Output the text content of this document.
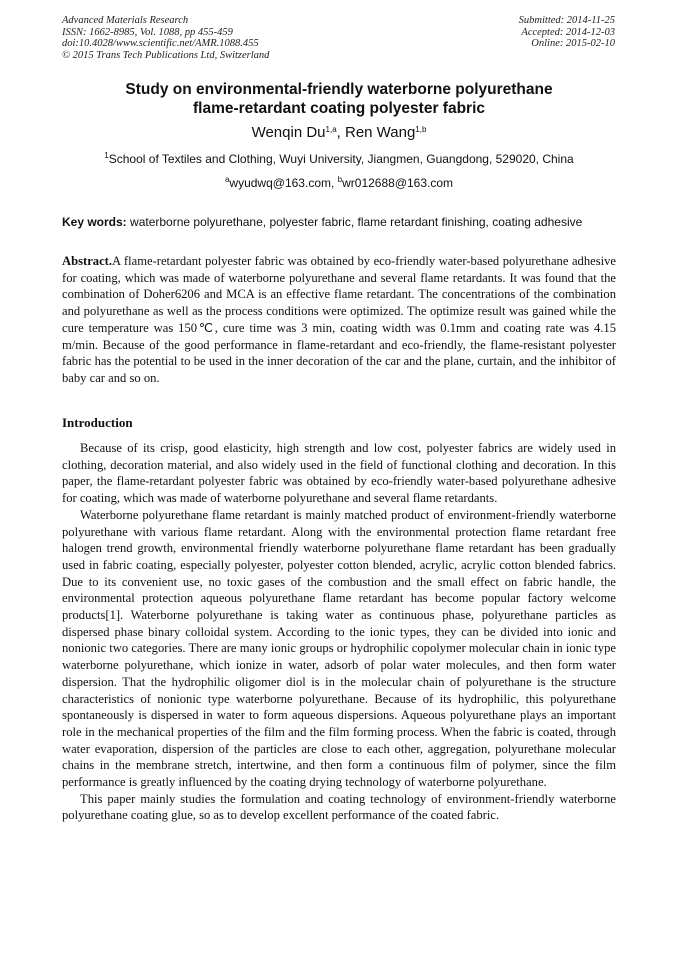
Advanced Materials Research
ISSN: 1662-8985, Vol. 1088, pp 455-459
doi:10.4028/www.scientific.net/AMR.1088.455
© 2015 Trans Tech Publications Ltd, Switzerland
Submitted: 2014-11-25
Accepted: 2014-12-03
Online: 2015-02-10
Study on environmental-friendly waterborne polyurethane
flame-retardant coating polyester fabric
Wenqin Du$^{1,a}$, Ren Wang$^{1,b}$
$^1$School of Textiles and Clothing, Wuyi University, Jiangmen, Guangdong, 529020, China
$^a$wyudwq@163.com, $^b$wr012688@163.com
Key words: waterborne polyurethane, polyester fabric, flame retardant finishing, coating adhesive

Abstract.A flame-retardant polyester fabric was obtained by eco-friendly water-based polyurethane adhesive for coating, which was made of waterborne polyurethane and several flame retardants. It was found that the combination of Doher6206 and MCA is an effective flame retardant. The concentrations of the combination and polyurethane as well as the process conditions were optimized. The optimize result was gained while the cure temperature was 150℃, cure time was 3 min, coating width was 0.1mm and coating rate was 4.15 m/min. Because of the good performance in flame-retardant and eco-friendly, the flame-resistant polyester fabric has the potential to be used in the inner decoration of the car and the plane, curtain, and the inhibitor of baby car and so on.

Introduction

Because of its crisp, good elasticity, high strength and low cost, polyester fabrics are widely used in clothing, decoration material, and also widely used in the field of functional clothing and decoration. In this paper, the flame-retardant polyester fabric was obtained by eco-friendly water-based polyurethane adhesive for coating, which was made of waterborne polyurethane and several flame retardants.

Waterborne polyurethane flame retardant is mainly matched product of environment-friendly waterborne polyurethane with various flame retardant. Along with the environmental protection flame retardant free halogen trend growth, environmental friendly waterborne polyurethane flame retardant has been gradually used in fabric coating, especially polyester, polyester cotton blended, acrylic, acrylic cotton blended fabrics. Due to its convenient use, no toxic gases of the combustion and the small effect on fabric handle, the environmental protection aqueous polyurethane flame retardant has become popular factory welcome products[1]. Waterborne polyurethane is taking water as continuous phase, polyurethane particles as dispersed phase binary colloidal system. According to the ionic types, they can be divided into ionic and nonionic two categories. There are many ionic groups or hydrophilic copolymer molecular chain in ionic type waterborne polyurethane, which ionize in water, adsorb of polar water molecules, and then form water dispersion. That the hydrophilic oligomer diol is in the molecular chain of polyurethane is the structure characteristics of nonionic type waterborne polyurethane. Because of its hydrophilic, this polyurethane spontaneously is dispersed in water to form aqueous dispersions. Aqueous polyurethane plays an important role in the mechanical properties of the film and the film forming process. When the fabric is coated, through water evaporation, dispersion of the particles are close to each other, aggregation, polyurethane molecular chains in the membrane stretch, intertwine, and then form a continuous film of polymer, since the film performance is greatly influenced by the coating drying technology of waterborne polyurethane.

This paper mainly studies the formulation and coating technology of environment-friendly waterborne polyurethane coating glue, so as to develop excellent performance of the coated fabric.
